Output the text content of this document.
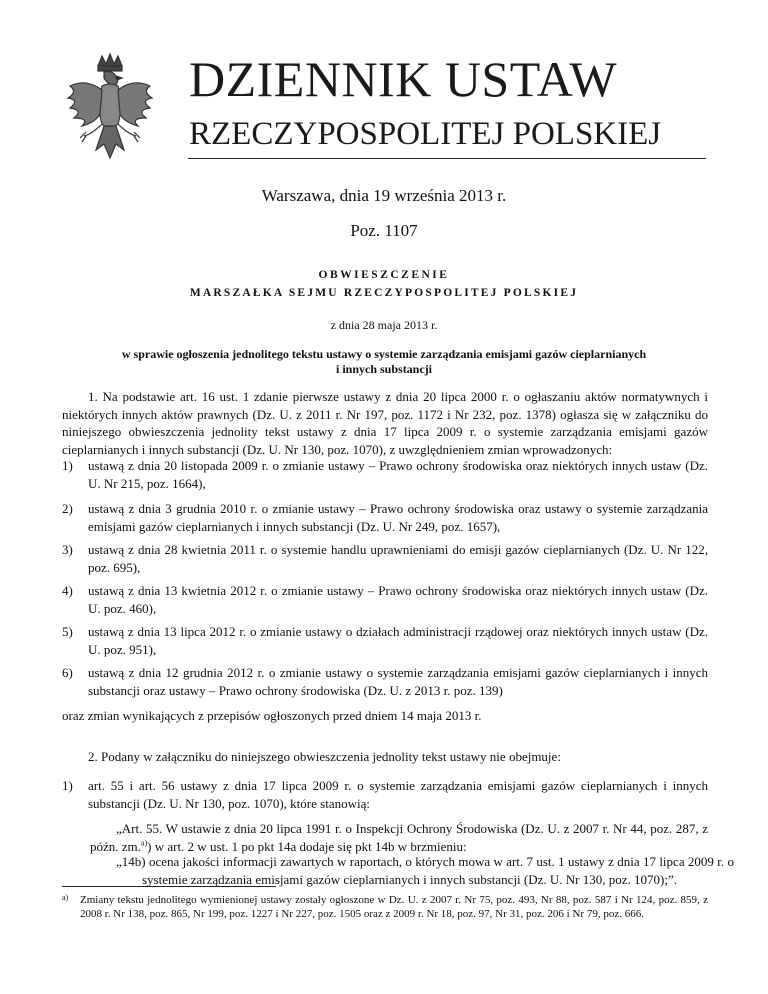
DZIENNIK USTAW
RZECZYPOSPOLITEJ POLSKIEJ
Warszawa, dnia 19 września 2013 r.
Poz. 1107
OBWIESZCZENIE
MARSZAŁKA SEJMU RZECZYPOSPOLITEJ POLSKIEJ
z dnia 28 maja 2013 r.
w sprawie ogłoszenia jednolitego tekstu ustawy o systemie zarządzania emisjami gazów cieplarnianych
i innych substancji
1. Na podstawie art. 16 ust. 1 zdanie pierwsze ustawy z dnia 20 lipca 2000 r. o ogłaszaniu aktów normatywnych i niektórych innych aktów prawnych (Dz. U. z 2011 r. Nr 197, poz. 1172 i Nr 232, poz. 1378) ogłasza się w załączniku do niniejszego obwieszczenia jednolity tekst ustawy z dnia 17 lipca 2009 r. o systemie zarządzania emisjami gazów cieplarnianych i innych substancji (Dz. U. Nr 130, poz. 1070), z uwzględnieniem zmian wprowadzonych:
1) ustawą z dnia 20 listopada 2009 r. o zmianie ustawy – Prawo ochrony środowiska oraz niektórych innych ustaw (Dz. U. Nr 215, poz. 1664),
2) ustawą z dnia 3 grudnia 2010 r. o zmianie ustawy – Prawo ochrony środowiska oraz ustawy o systemie zarządzania emisjami gazów cieplarnianych i innych substancji (Dz. U. Nr 249, poz. 1657),
3) ustawą z dnia 28 kwietnia 2011 r. o systemie handlu uprawnieniami do emisji gazów cieplarnianych (Dz. U. Nr 122, poz. 695),
4) ustawą z dnia 13 kwietnia 2012 r. o zmianie ustawy – Prawo ochrony środowiska oraz niektórych innych ustaw (Dz. U. poz. 460),
5) ustawą z dnia 13 lipca 2012 r. o zmianie ustawy o działach administracji rządowej oraz niektórych innych ustaw (Dz. U. poz. 951),
6) ustawą z dnia 12 grudnia 2012 r. o zmianie ustawy o systemie zarządzania emisjami gazów cieplarnianych i innych substancji oraz ustawy – Prawo ochrony środowiska (Dz. U. z 2013 r. poz. 139)
oraz zmian wynikających z przepisów ogłoszonych przed dniem 14 maja 2013 r.
2. Podany w załączniku do niniejszego obwieszczenia jednolity tekst ustawy nie obejmuje:
1) art. 55 i art. 56 ustawy z dnia 17 lipca 2009 r. o systemie zarządzania emisjami gazów cieplarnianych i innych substancji (Dz. U. Nr 130, poz. 1070), które stanowią:
„Art. 55. W ustawie z dnia 20 lipca 1991 r. o Inspekcji Ochrony Środowiska (Dz. U. z 2007 r. Nr 44, poz. 287, z późn. zm.$^{a)}$) w art. 2 w ust. 1 po pkt 14a dodaje się pkt 14b w brzmieniu:
„14b) ocena jakości informacji zawartych w raportach, o których mowa w art. 7 ust. 1 ustawy z dnia 17 lipca 2009 r. o systemie zarządzania emisjami gazów cieplarnianych i innych substancji (Dz. U. Nr 130, poz. 1070);”.
a) Zmiany tekstu jednolitego wymienionej ustawy zostały ogłoszone w Dz. U. z 2007 r. Nr 75, poz. 493, Nr 88, poz. 587 i Nr 124, poz. 859, z 2008 r. Nr 138, poz. 865, Nr 199, poz. 1227 i Nr 227, poz. 1505 oraz z 2009 r. Nr 18, poz. 97, Nr 31, poz. 206 i Nr 79, poz. 666.
